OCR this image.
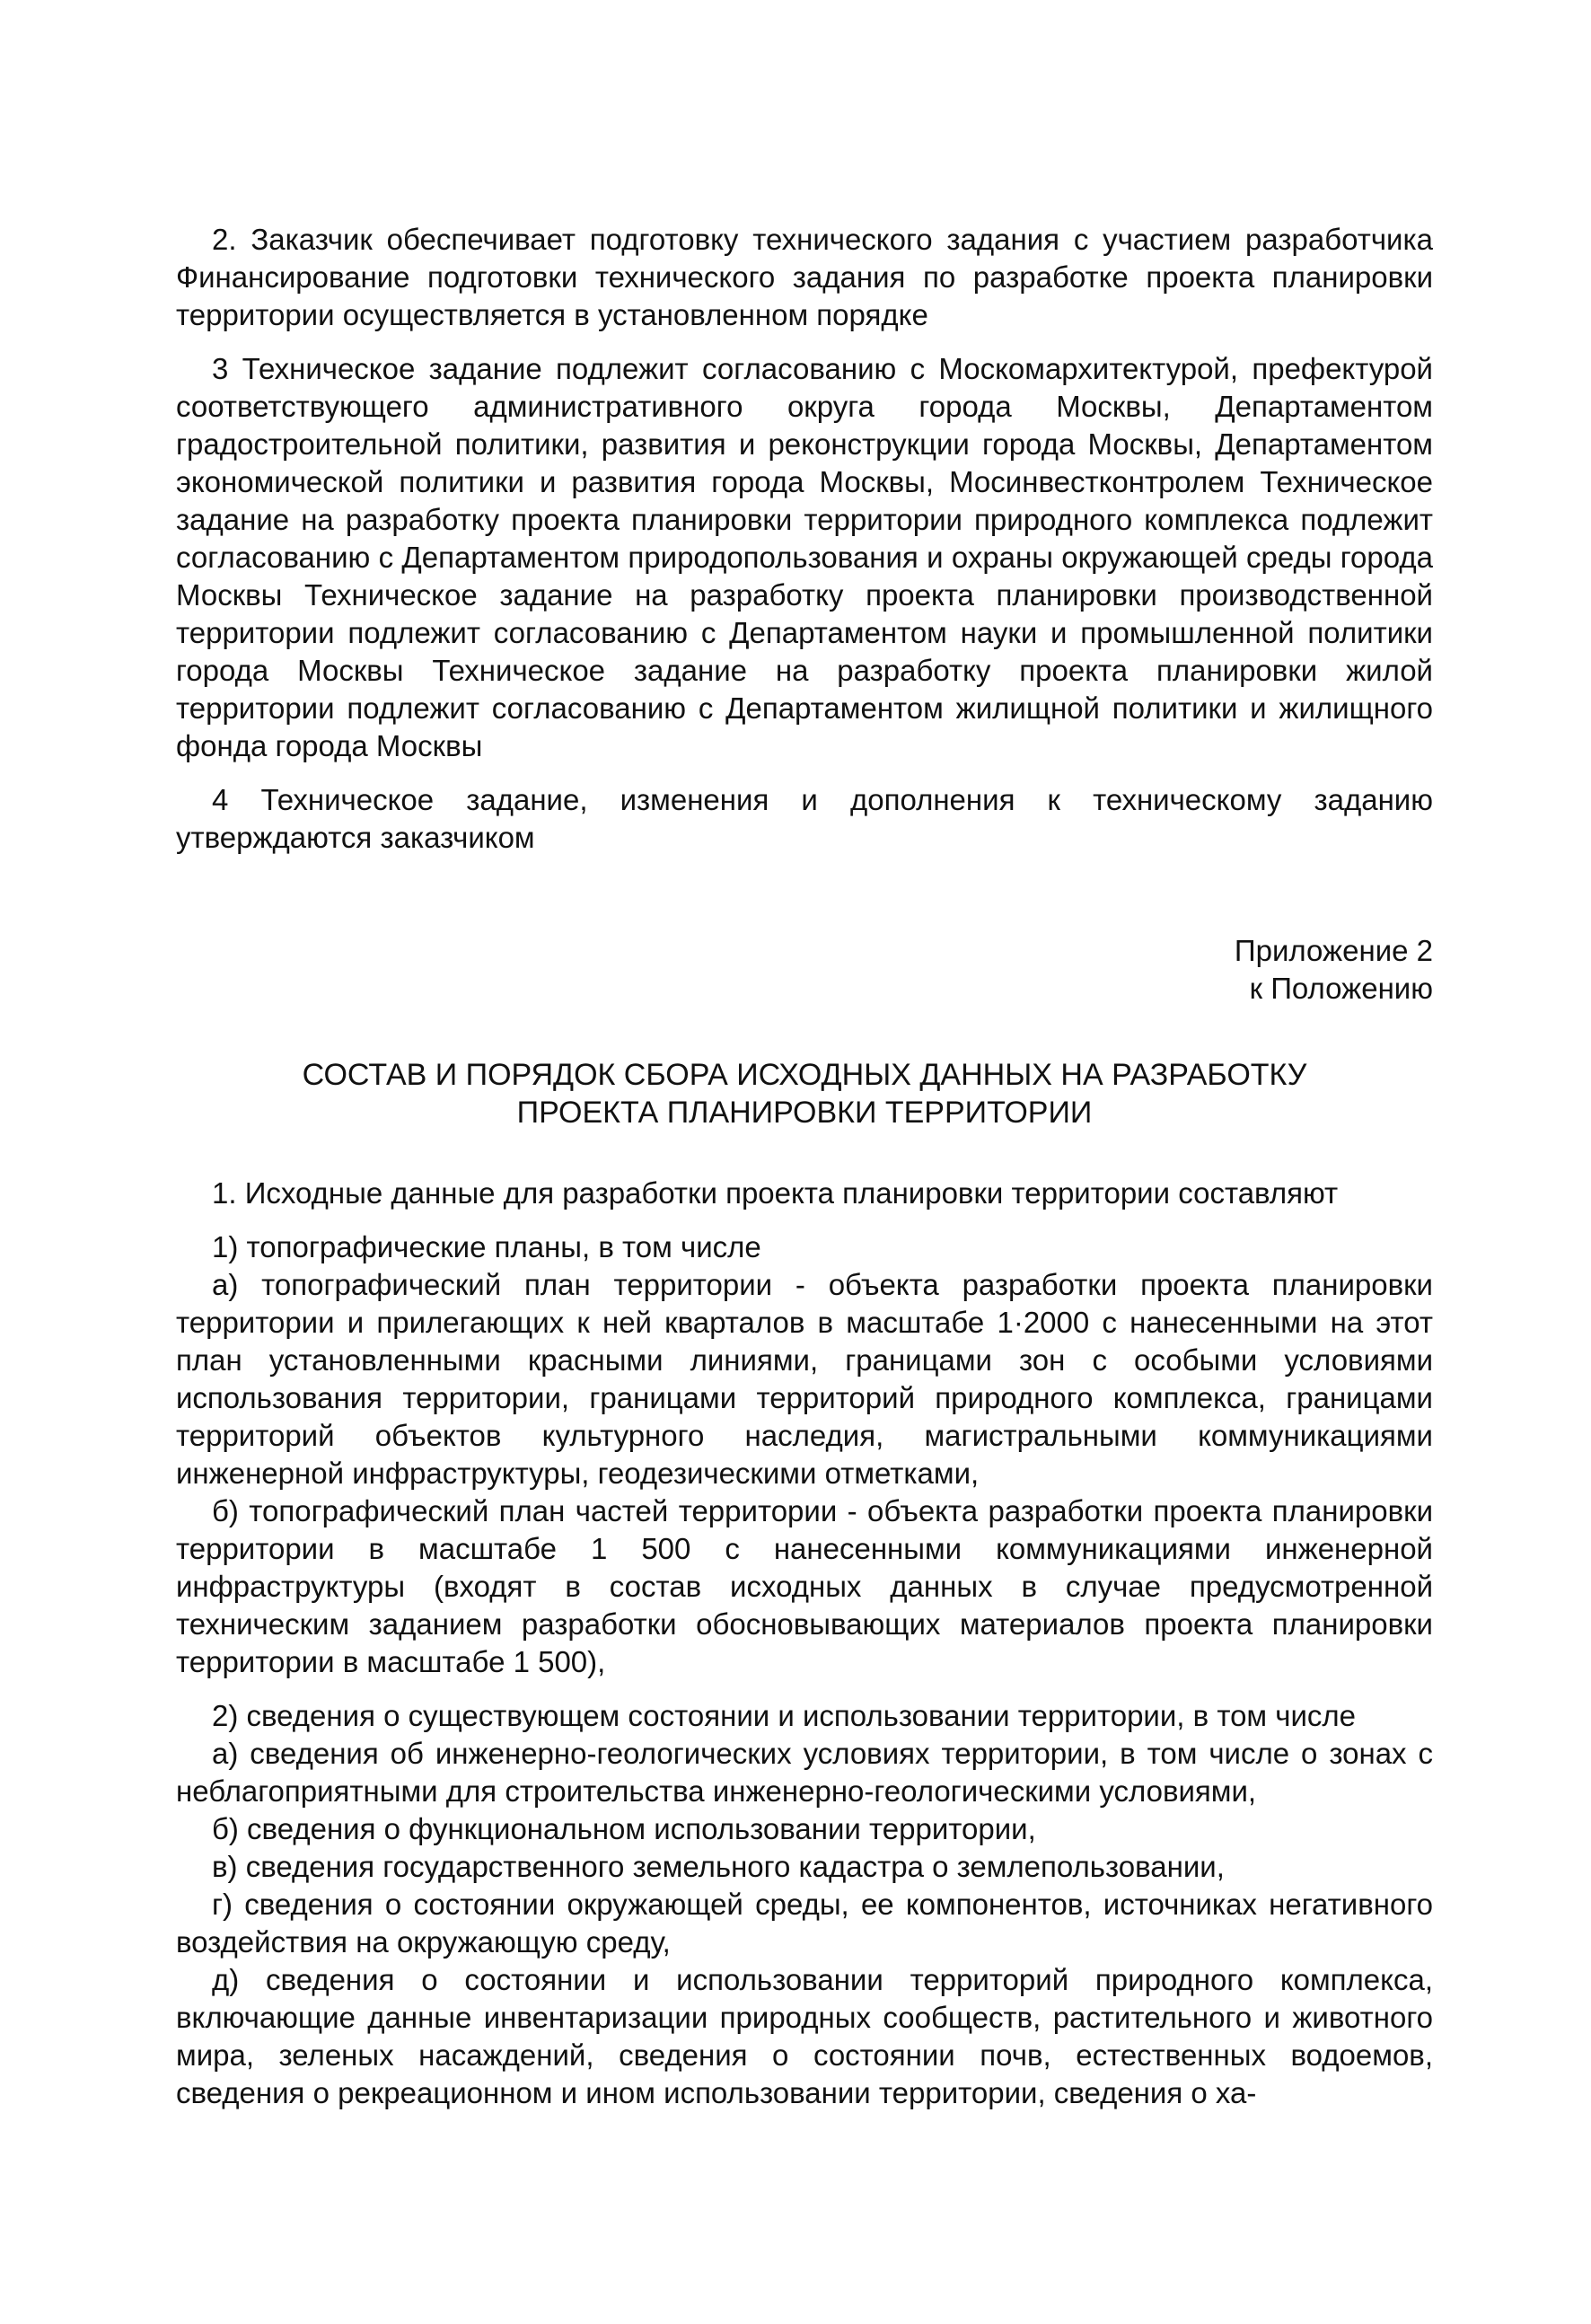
2. Заказчик обеспечивает подготовку технического задания с участием разработчика Финансирование подготовки технического задания по разработке проекта планировки территории осуществляется в установленном порядке

3 Техническое задание подлежит согласованию с Москомархитектурой, префектурой соответствующего административного округа города Москвы, Департаментом градостроительной политики, развития и реконструкции города Москвы, Департаментом экономической политики и развития города Москвы, Мосинвестконтролем Техническое задание на разработку проекта планировки территории природного комплекса подлежит согласованию с Департаментом природопользования и охраны окружающей среды города Москвы Техническое задание на разработку проекта планировки производственной территории подлежит согласованию с Департаментом науки и промышленной политики города Москвы Техническое задание на разработку проекта планировки жилой территории подлежит согласованию с Департаментом жилищной политики и жилищного фонда города Москвы

4 Техническое задание, изменения и дополнения к техническому заданию утверждаются заказчиком

Приложение 2
к Положению
СОСТАВ И ПОРЯДОК СБОРА ИСХОДНЫХ ДАННЫХ НА РАЗРАБОТКУ
ПРОЕКТА ПЛАНИРОВКИ ТЕРРИТОРИИ

1. Исходные данные для разработки проекта планировки территории составляют

1) топографические планы, в том числе

а) топографический план территории - объекта разработки проекта планировки территории и прилегающих к ней кварталов в масштабе 1·2000 с нанесенными на этот план установленными красными линиями, границами зон с особыми условиями использования территории, границами территорий природного комплекса, границами территорий объектов культурного наследия, магистральными коммуникациями инженерной инфраструктуры, геодезическими отметками,

б) топографический план частей территории - объекта разработки проекта планировки территории в масштабе 1 500 с нанесенными коммуникациями инженерной инфраструктуры (входят в состав исходных данных в случае предусмотренной техническим заданием разработки обосновывающих материалов проекта планировки территории в масштабе 1 500),

2) сведения о существующем состоянии и использовании территории, в том числе

а) сведения об инженерно-геологических условиях территории, в том числе о зонах с неблагоприятными для строительства инженерно-геологическими условиями,

б) сведения о функциональном использовании территории,

в) сведения государственного земельного кадастра о землепользовании,

г) сведения о состоянии окружающей среды, ее компонентов, источниках негативного воздействия на окружающую среду,

д) сведения о состоянии и использовании территорий природного комплекса, включающие данные инвентаризации природных сообществ, растительного и животного мира, зеленых насаждений, сведения о состоянии почв, естественных водоемов, сведения о рекреационном и ином использовании территории, сведения о ха-
